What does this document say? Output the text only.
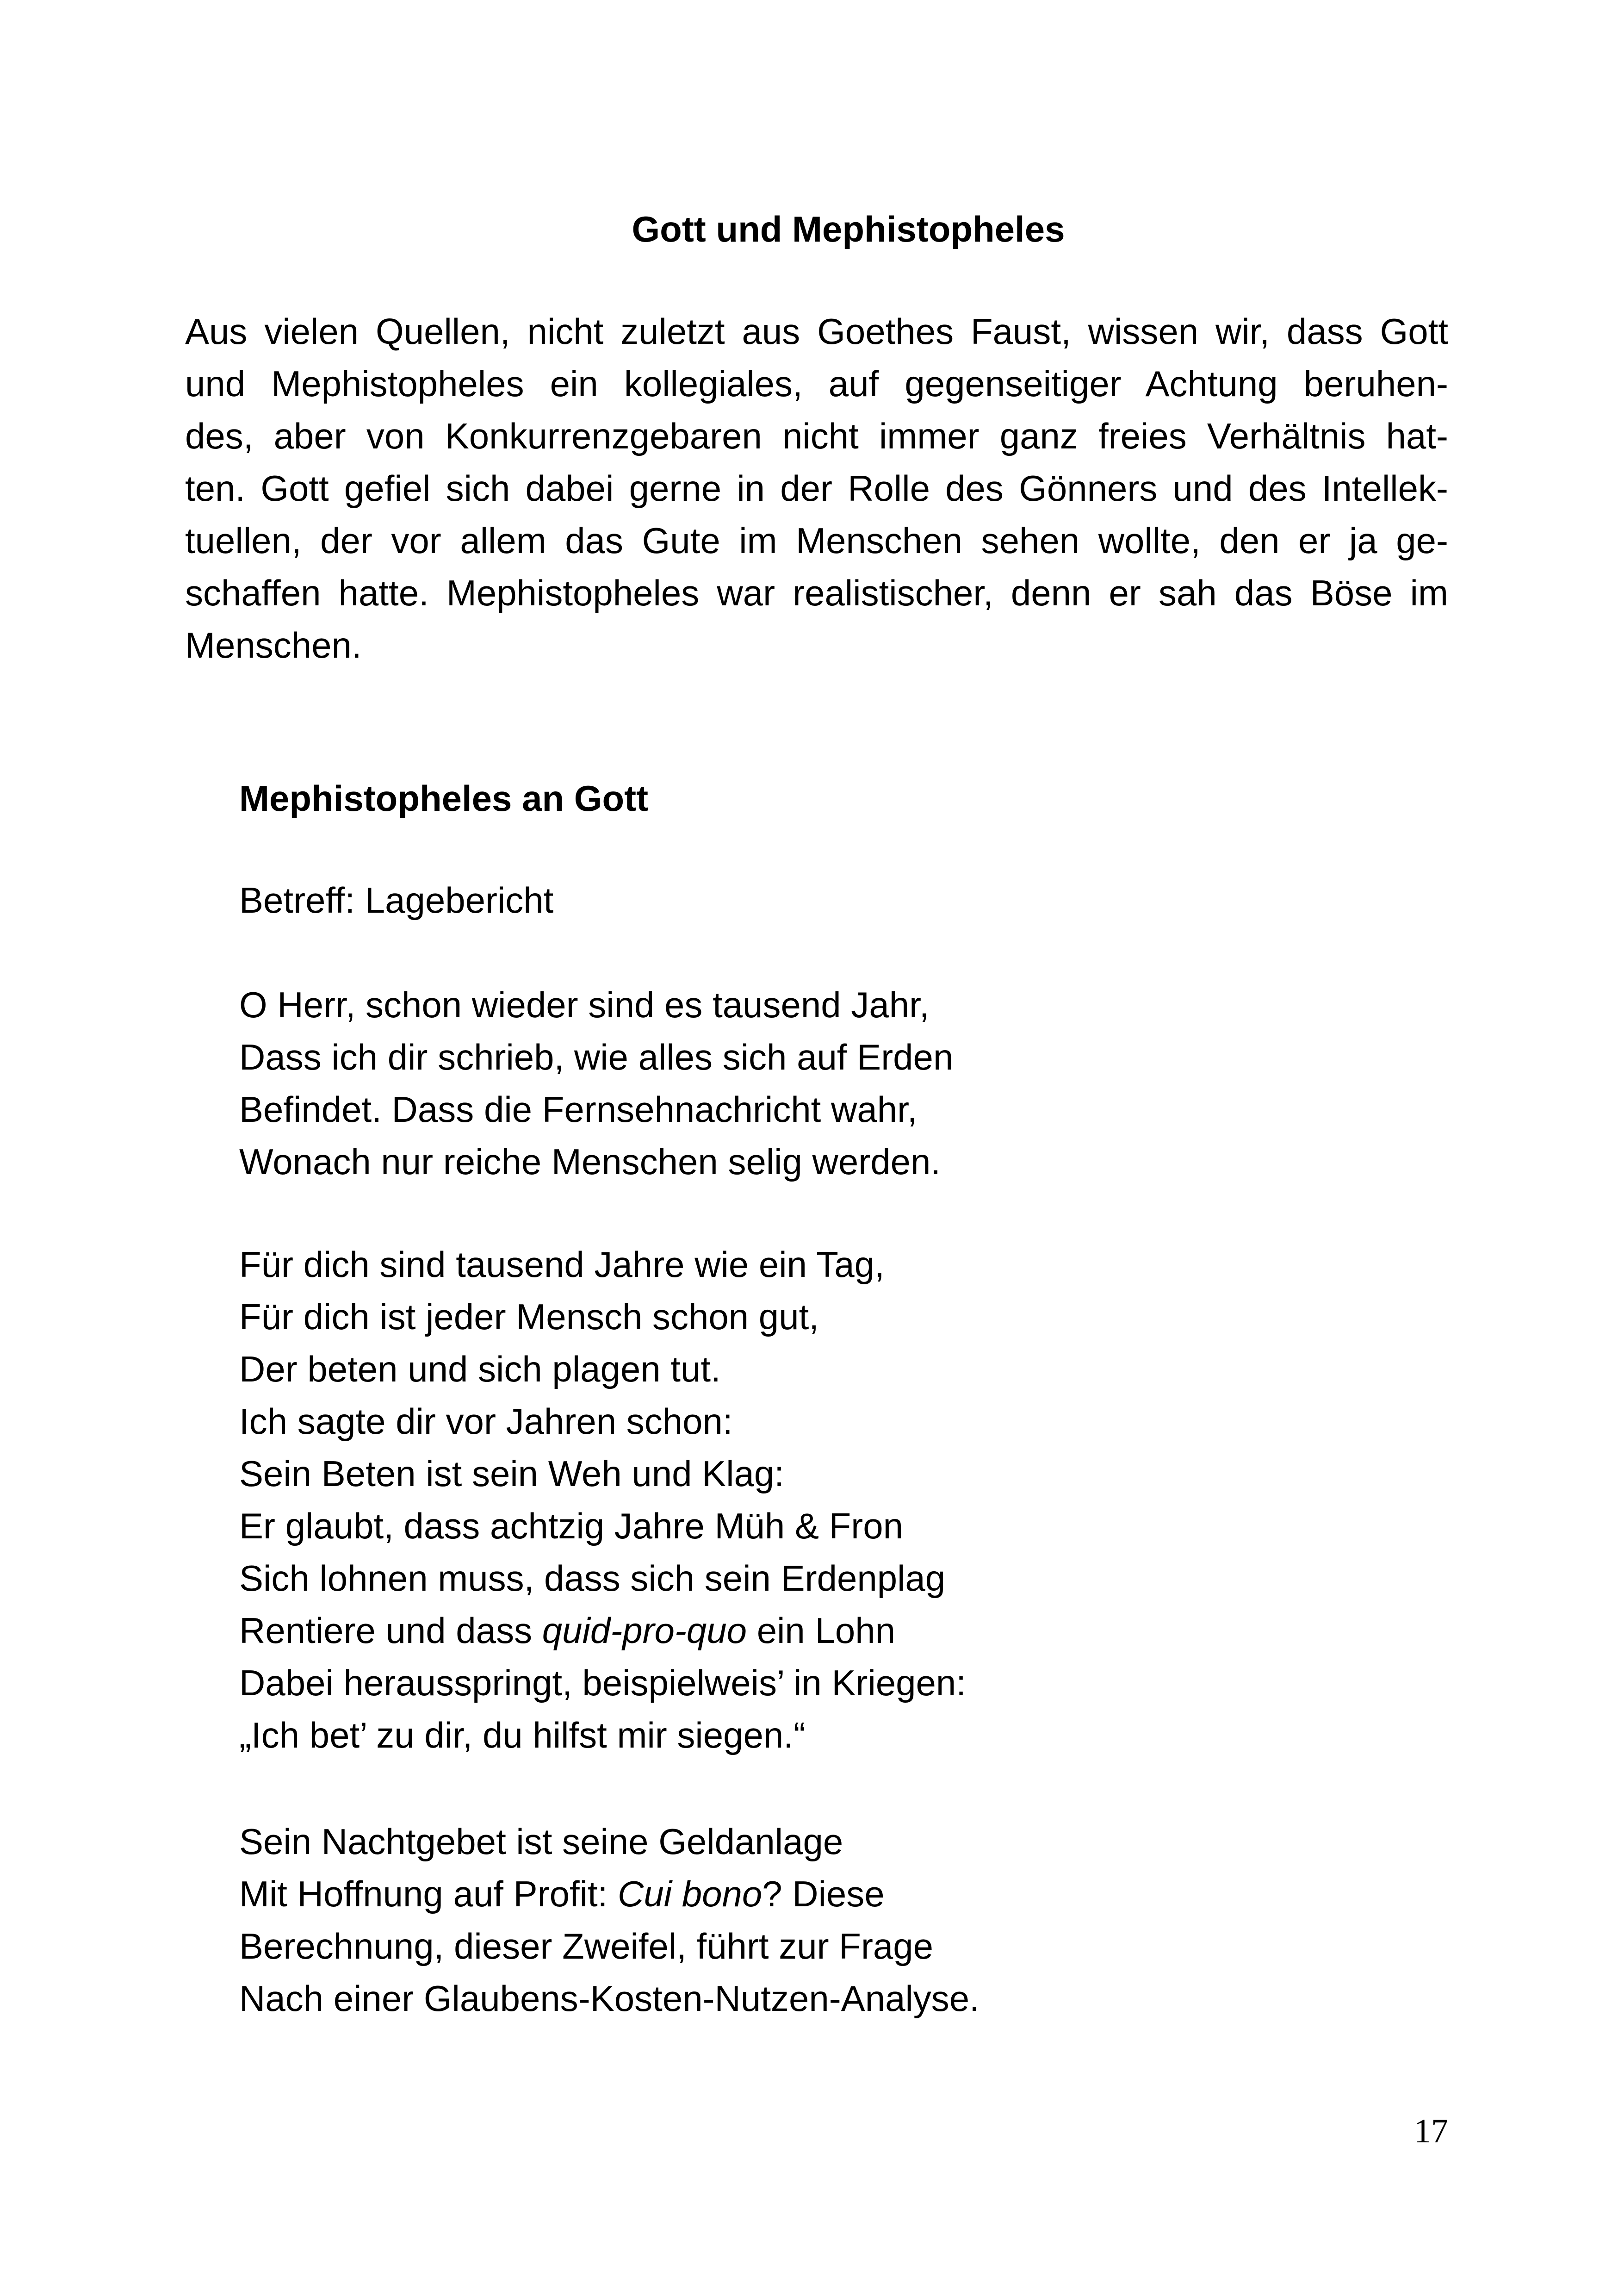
Gott und Mephistopheles
Aus vielen Quellen, nicht zuletzt aus Goethes Faust, wissen wir, dass Gott
und Mephistopheles ein kollegiales, auf gegenseitiger Achtung beruhen-
des, aber von Konkurrenzgebaren nicht immer ganz freies Verhältnis hat-
ten. Gott gefiel sich dabei gerne in der Rolle des Gönners und des Intellek-
tuellen, der vor allem das Gute im Menschen sehen wollte, den er ja ge-
schaffen hatte. Mephistopheles war realistischer, denn er sah das Böse im
Menschen.
Mephistopheles an Gott
Betreff: Lagebericht
O Herr, schon wieder sind es tausend Jahr,
Dass ich dir schrieb, wie alles sich auf Erden
Befindet. Dass die Fernsehnachricht wahr,
Wonach nur reiche Menschen selig werden.
Für dich sind tausend Jahre wie ein Tag,
Für dich ist jeder Mensch schon gut,
Der beten und sich plagen tut.
Ich sagte dir vor Jahren schon:
Sein Beten ist sein Weh und Klag:
Er glaubt, dass achtzig Jahre Müh & Fron
Sich lohnen muss, dass sich sein Erdenplag
Rentiere und dass quid-pro-quo ein Lohn
Dabei herausspringt, beispielweis’ in Kriegen:
„Ich bet’ zu dir, du hilfst mir siegen.“
Sein Nachtgebet ist seine Geldanlage
Mit Hoffnung auf Profit: Cui bono? Diese
Berechnung, dieser Zweifel, führt zur Frage
Nach einer Glaubens-Kosten-Nutzen-Analyse.
17
